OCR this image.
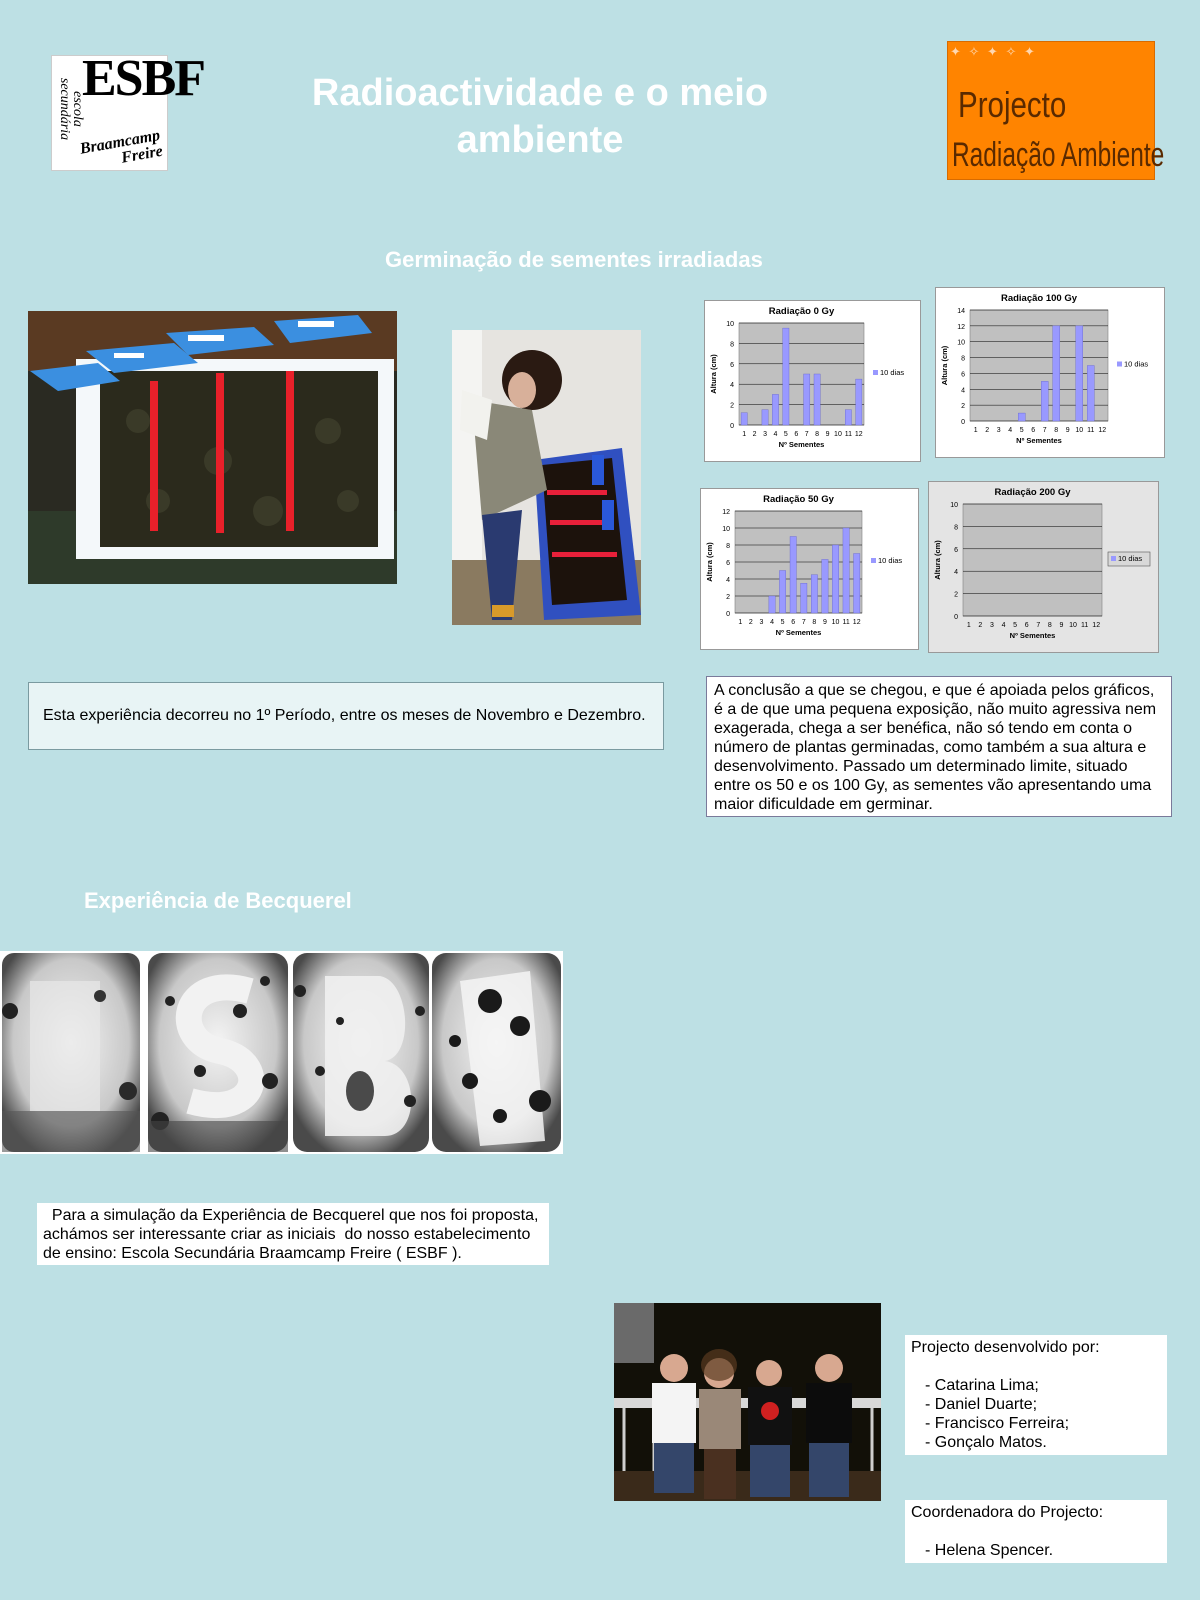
ESBF
escola secundária
Braamcamp Freire
Radioactividade e o meio ambiente
✦ ✧ ✦ ✧ ✦
Projecto
Radiação Ambiente
Germinação de sementes irradiadas
Radiação 0 Gy
0
2
4
6
8
10
1 2 3 4 5 6 7 8 9 10 11 12
Nº Sementes
Altura (cm)	10 dias
Radiação 100 Gy
0
2
4
6
8
10
12
14
1 2 3 4 5 6 7 8 9 10 11 12
Nº Sementes
Altura (cm)	10 dias
Radiação 50 Gy
0
2
4
6
8
10
12
1 2 3 4 5 6 7 8 9 10 11 12
Nº Sementes
Altura (cm)	10 dias
Radiação 200 Gy
0
2
4
6
8
10
1 2 3 4 5 6 7 8 9 10 11 12
Nº Sementes
Altura (cm)	10 dias
Esta experiência decorreu no 1º Período, entre os meses de Novembro e Dezembro.
A conclusão a que se chegou, e que é apoiada pelos gráficos, é a de que uma pequena exposição, não muito agressiva nem exagerada, chega a ser benéfica, não só tendo em conta o número de plantas germinadas, como também a sua altura e desenvolvimento. Passado um determinado limite, situado entre os 50 e os 100 Gy, as sementes vão apresentando uma maior dificuldade em germinar.
Experiência de Becquerel
Para a simulação da Experiência de Becquerel que nos foi proposta, achámos ser interessante criar as iniciais  do nosso estabelecimento de ensino: Escola Secundária Braamcamp Freire ( ESBF ).
Projecto desenvolvido por:
- Catarina Lima;
- Daniel Duarte;
- Francisco Ferreira;
- Gonçalo Matos.
Coordenadora do Projecto:
- Helena Spencer.
